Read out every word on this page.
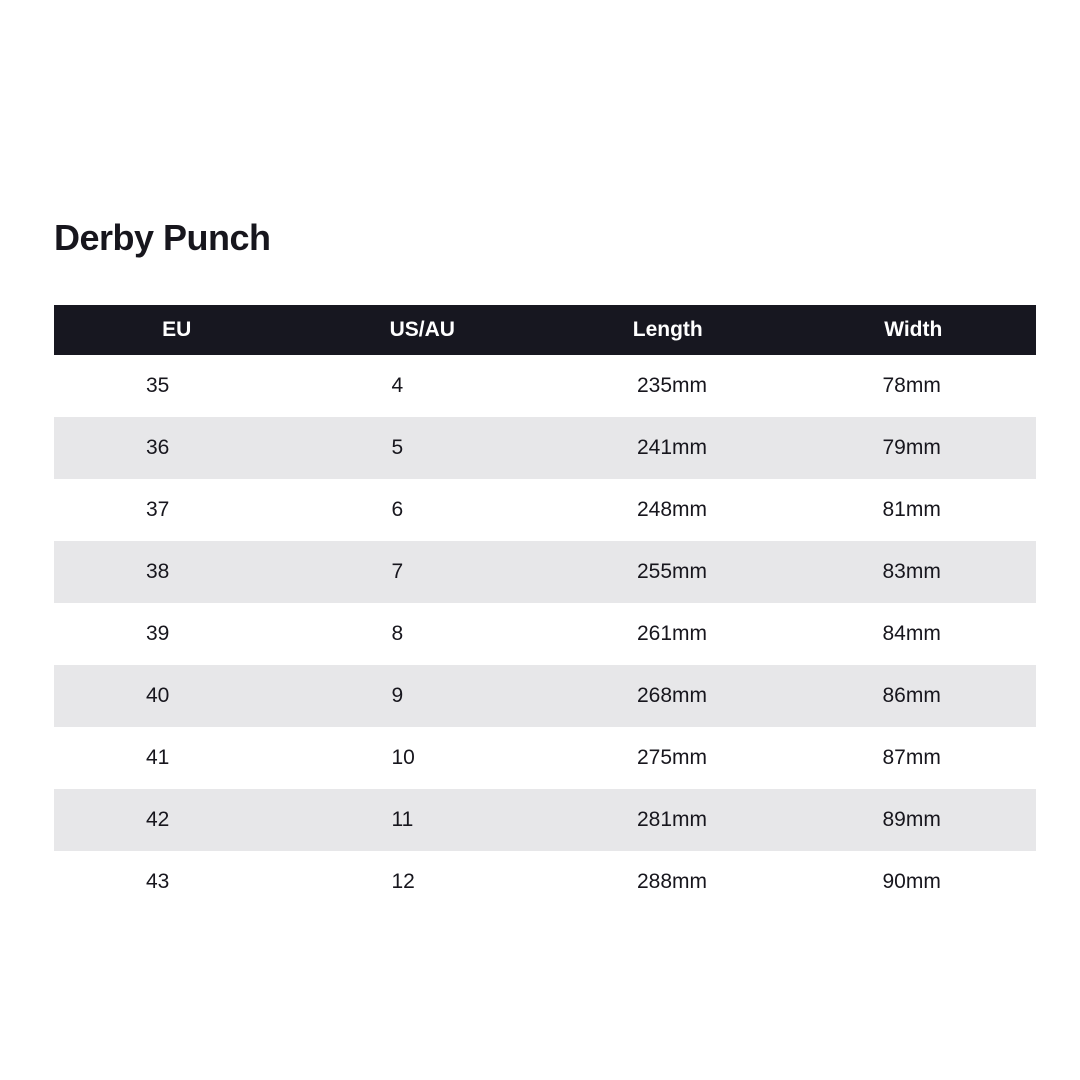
Derby Punch
EU	US/AU	Length	Width
35	4	235mm	78mm
36	5	241mm	79mm
37	6	248mm	81mm
38	7	255mm	83mm
39	8	261mm	84mm
40	9	268mm	86mm
41	10	275mm	87mm
42	11	281mm	89mm
43	12	288mm	90mm
